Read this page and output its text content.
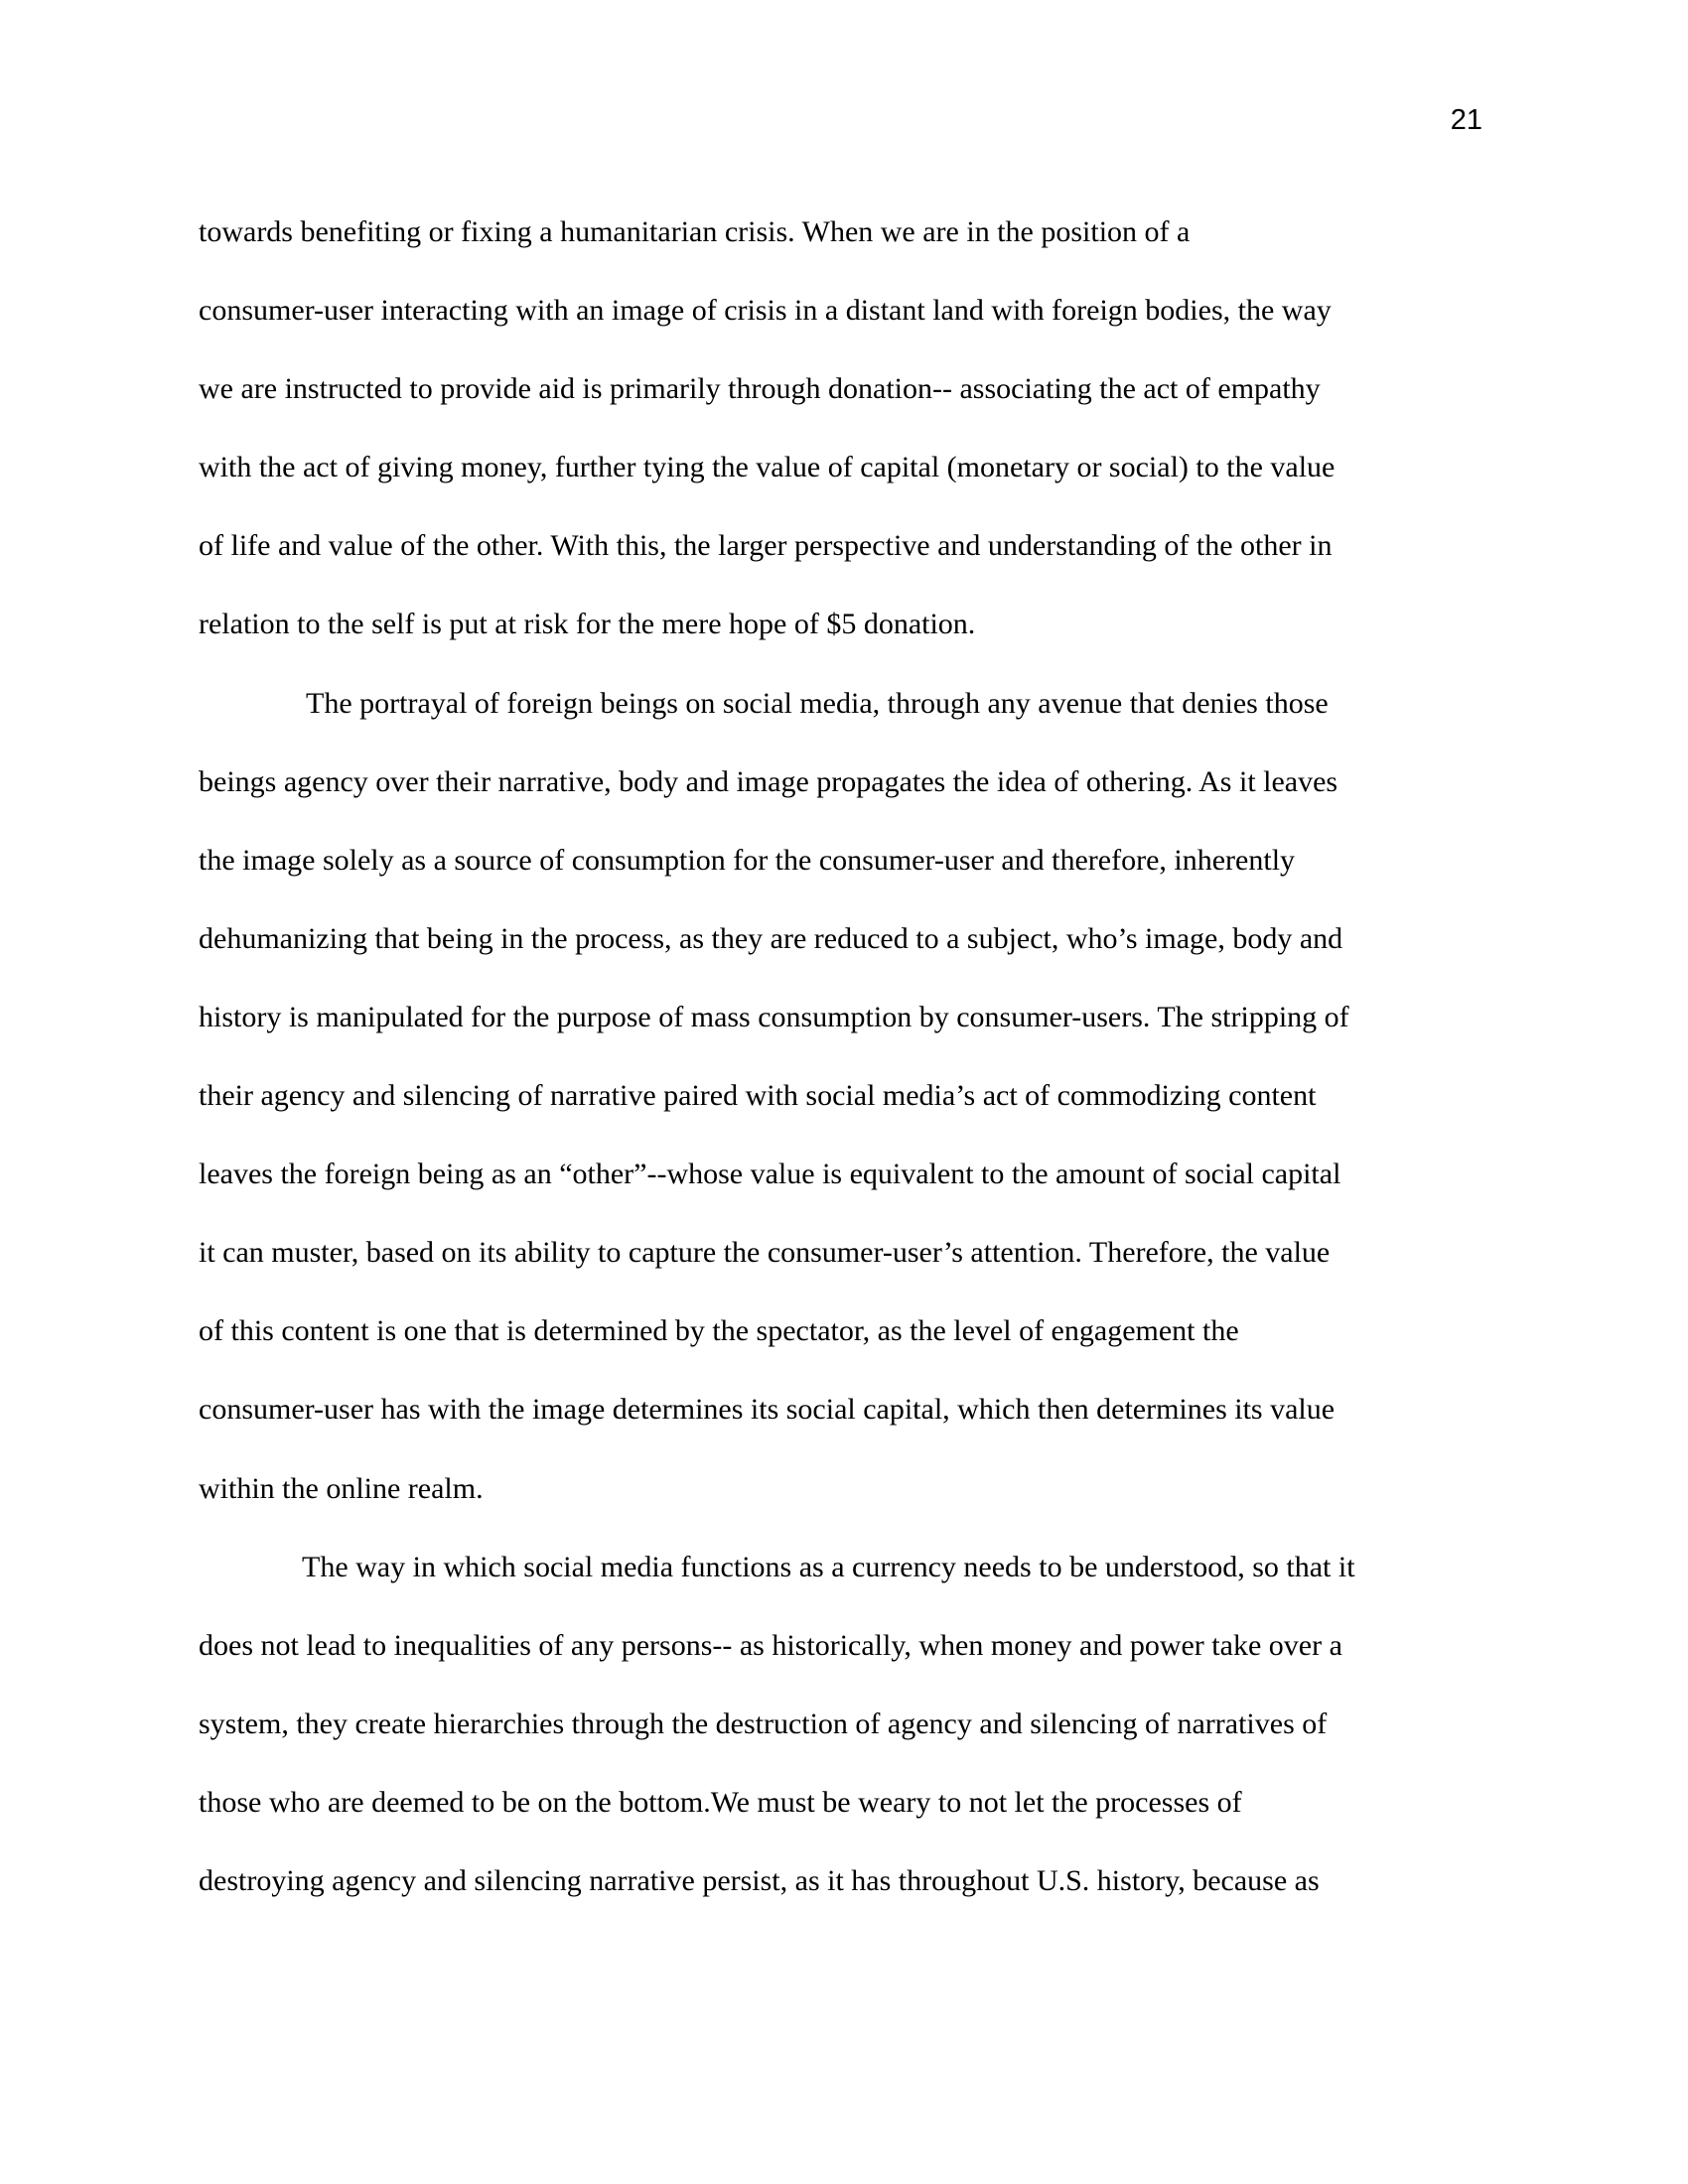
21
towards benefiting or fixing a humanitarian crisis. When we are in the position of a
consumer-user interacting with an image of crisis in a distant land with foreign bodies, the way
we are instructed to provide aid is primarily through donation-- associating the act of empathy
with the act of giving money, further tying the value of capital (monetary or social) to the value
of life and value of the other. With this, the larger perspective and understanding of the other in
relation to the self is put at risk for the mere hope of $5 donation.
The portrayal of foreign beings on social media, through any avenue that denies those
beings agency over their narrative, body and image propagates the idea of othering. As it leaves
the image solely as a source of consumption for the consumer-user and therefore, inherently
dehumanizing that being in the process, as they are reduced to a subject, who’s image, body and
history is manipulated for the purpose of mass consumption by consumer-users. The stripping of
their agency and silencing of narrative paired with social media’s act of commodizing content
leaves the foreign being as an “other”--whose value is equivalent to the amount of social capital
it can muster, based on its ability to capture the consumer-user’s attention. Therefore, the value
of this content is one that is determined by the spectator, as the level of engagement the
consumer-user has with the image determines its social capital, which then determines its value
within the online realm.
The way in which social media functions as a currency needs to be understood, so that it
does not lead to inequalities of any persons-- as historically, when money and power take over a
system, they create hierarchies through the destruction of agency and silencing of narratives of
those who are deemed to be on the bottom.We must be weary to not let the processes of
destroying agency and silencing narrative persist, as it has throughout U.S. history, because as
